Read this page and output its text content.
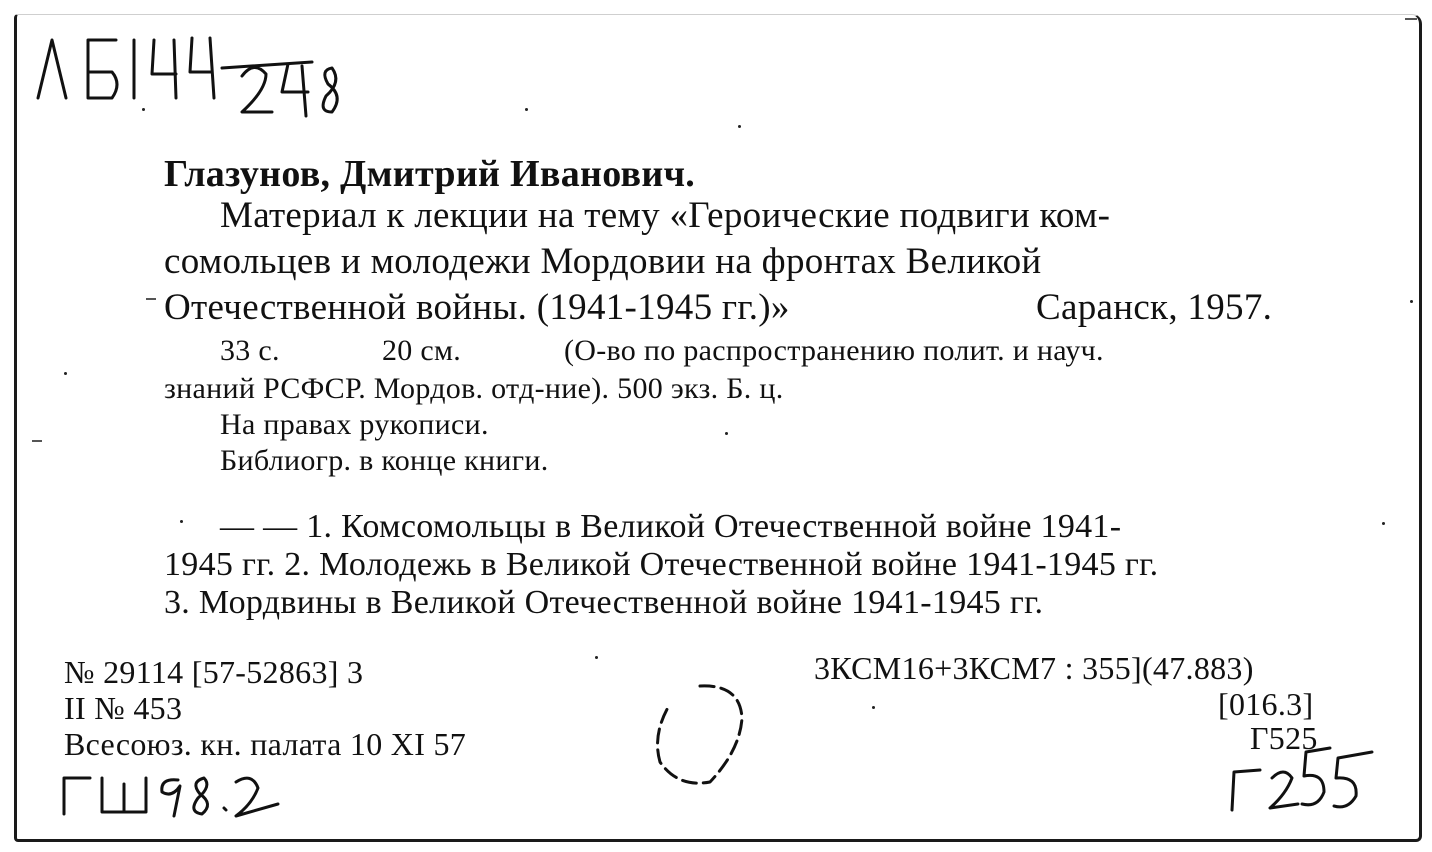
Глазунов, Дмитрий Иванович.

Материал к лекции на тему «Героические подвиги ком-

сомольцев и молодежи Мордовии на фронтах Великой

Отечественной войны. (1941-1945 гг.)»	Саранск, 1957.

33 с.	20 см.	(О-во по распространению полит. и науч.

знаний РСФСР. Мордов. отд-ние). 500 экз. Б. ц.

На правах рукописи.

Библиогр. в конце книги.

— — 1. Комсомольцы в Великой Отечественной войне 1941-

1945 гг. 2. Молодежь в Великой Отечественной войне 1941-1945 гг.

3. Мордвины в Великой Отечественной войне 1941-1945 гг.

№ 29114 [57-52863] 3

II № 453

Всесоюз. кн. палата 10 XI 57

3КСМ16+3КСМ7 : 355](47.883)

[016.3]

Г525
